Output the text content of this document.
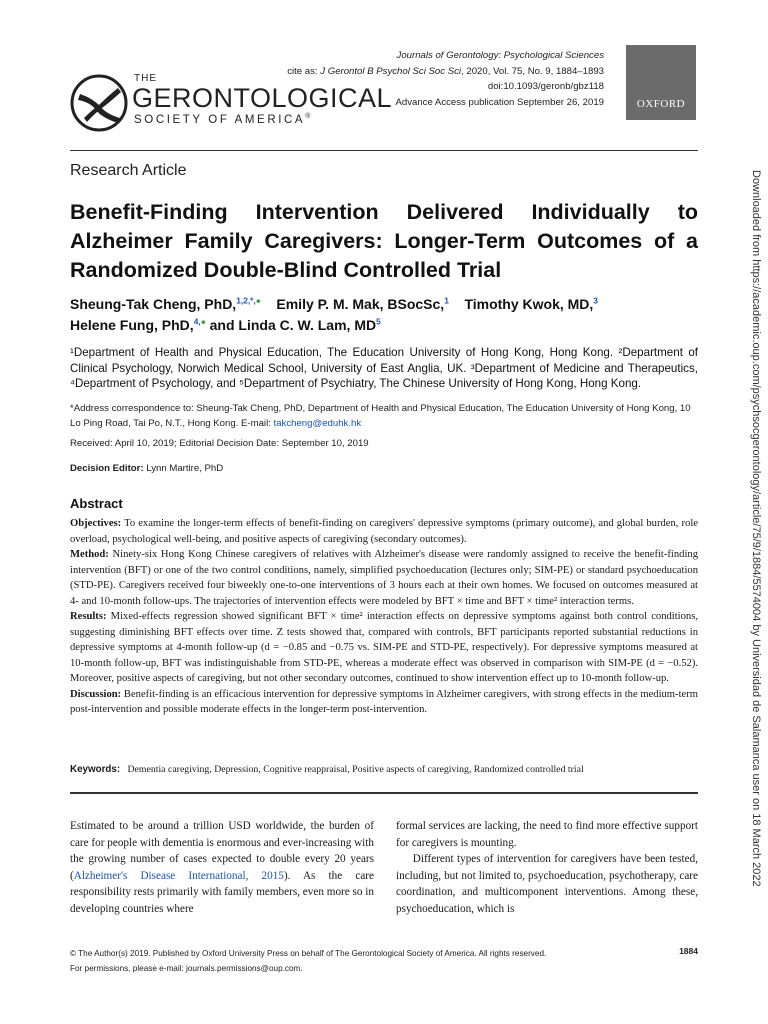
THE
GERONTOLOGICAL
SOCIETY OF AMERICA®
Journals of Gerontology: Psychological Sciences
cite as: J Gerontol B Psychol Sci Soc Sci, 2020, Vol. 75, No. 9, 1884–1893
doi:10.1093/geronb/gbz118
Advance Access publication September 26, 2019	OXFORD
Research Article
Benefit-Finding Intervention Delivered Individually to Alzheimer Family Caregivers: Longer-Term Outcomes of a Randomized Double-Blind Controlled Trial
Sheung-Tak Cheng, PhD,$^{1,2,*,●}$ Emily P. M. Mak, BSocSc,$^1$ Timothy Kwok, MD,$^3$
Helene Fung, PhD,$^{4,●}$ and Linda C. W. Lam, $MD^5$
¹Department of Health and Physical Education, The Education University of Hong Kong, Hong Kong. ²Department of Clinical Psychology, Norwich Medical School, University of East Anglia, UK. ³Department of Medicine and Therapeutics, ⁴Department of Psychology, and ⁵Department of Psychiatry, The Chinese University of Hong Kong, Hong Kong.
*Address correspondence to: Sheung-Tak Cheng, PhD, Department of Health and Physical Education, The Education University of Hong Kong, 10 Lo Ping Road, Tai Po, N.T., Hong Kong. E-mail: takcheng@eduhk.hk
Received: April 10, 2019; Editorial Decision Date: September 10, 2019
Decision Editor: Lynn Martire, PhD
Abstract

Objectives: To examine the longer-term effects of benefit-finding on caregivers' depressive symptoms (primary outcome), and global burden, role overload, psychological well-being, and positive aspects of caregiving (secondary outcomes).

Method: Ninety-six Hong Kong Chinese caregivers of relatives with Alzheimer's disease were randomly assigned to receive the benefit-finding intervention (BFT) or one of the two control conditions, namely, simplified psychoeducation (lectures only; SIM-PE) or standard psychoeducation (STD-PE). Caregivers received four biweekly one-to-one interventions of 3 hours each at their own homes. We focused on outcomes measured at 4- and 10-month follow-ups. The trajectories of intervention effects were modeled by BFT × time and BFT × time² interaction terms.

Results: Mixed-effects regression showed significant BFT × time² interaction effects on depressive symptoms against both control conditions, suggesting diminishing BFT effects over time. Z tests showed that, compared with controls, BFT participants reported substantial reductions in depressive symptoms at 4-month follow-up (d = −0.85 and −0.75 vs. SIM-PE and STD-PE, respectively). For depressive symptoms measured at 10-month follow-up, BFT was indistinguishable from STD-PE, whereas a moderate effect was observed in comparison with SIM-PE (d = −0.52). Moreover, positive aspects of caregiving, but not other secondary outcomes, continued to show intervention effect up to 10-month follow-up.

Discussion: Benefit-finding is an efficacious intervention for depressive symptoms in Alzheimer caregivers, with strong effects in the medium-term post-intervention and possible moderate effects in the longer-term post-intervention.

Keywords: Dementia caregiving, Depression, Cognitive reappraisal, Positive aspects of caregiving, Randomized controlled trial

Estimated to be around a trillion USD worldwide, the burden of care for people with dementia is enormous and ever-increasing with the growing number of cases expected to double every 20 years (Alzheimer's Disease International, 2015). As the care responsibility rests primarily with family members, even more so in developing countries where

formal services are lacking, the need to find more effective support for caregivers is mounting.

Different types of intervention for caregivers have been tested, including, but not limited to, psychoeducation, psychotherapy, care coordination, and multicomponent interventions. Among these, psychoeducation, which is

© The Author(s) 2019. Published by Oxford University Press on behalf of The Gerontological Society of America. All rights reserved.
For permissions, please e-mail: journals.permissions@oup.com.
1884
Downloaded from https://academic.oup.com/psychsocgerontology/article/75/9/1884/5574004 by Universidad de Salamanca user on 18 March 2022
